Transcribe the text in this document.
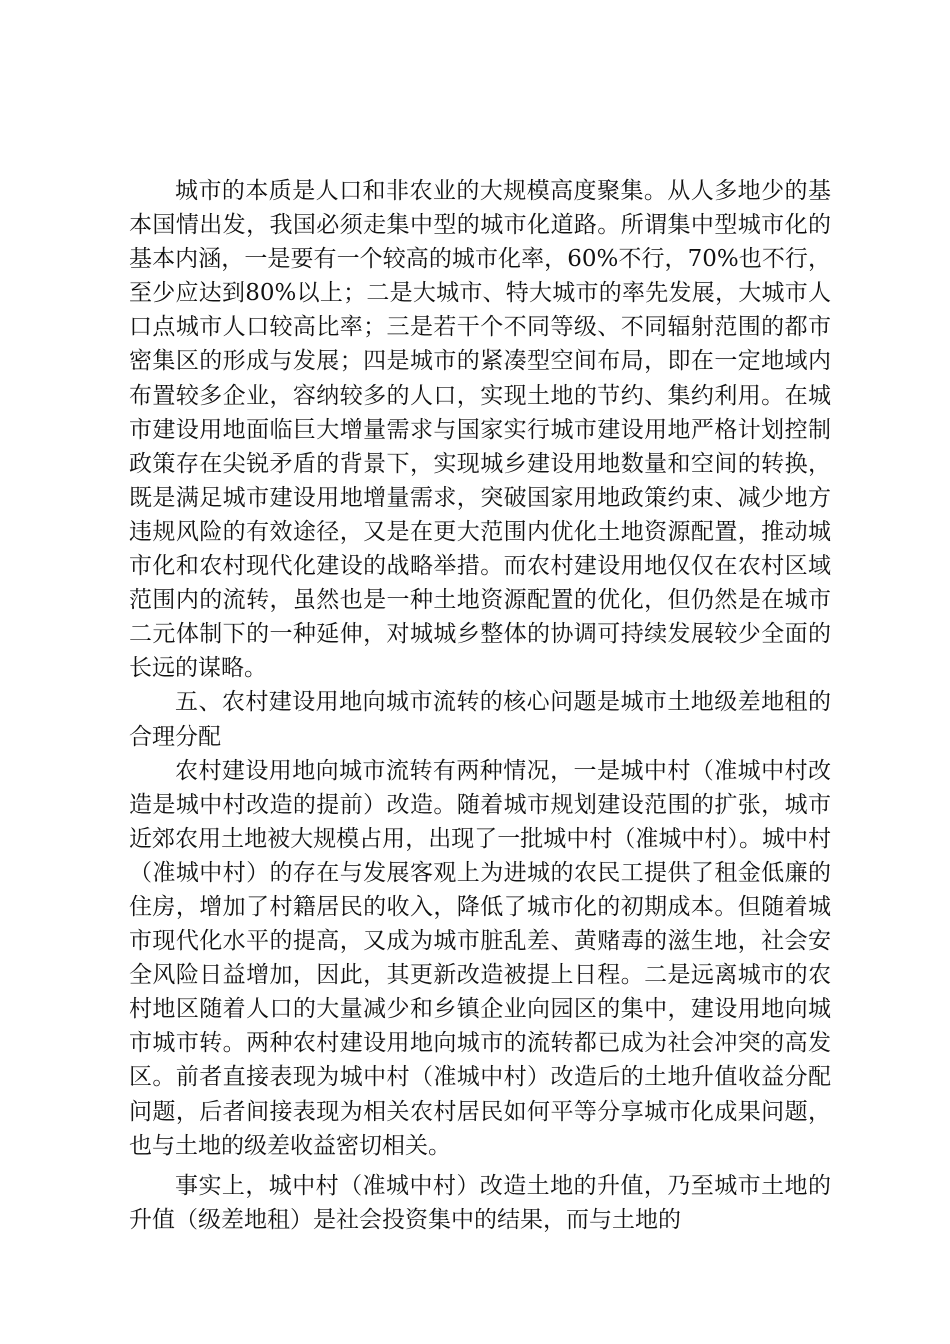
城市的本质是人口和非农业的大规模高度聚集。从人多地少的基本国情出发，我国必须走集中型的城市化道路。所谓集中型城市化的基本内涵，一是要有一个较高的城市化率，60%不行，70%也不行，至少应达到80%以上；二是大城市、特大城市的率先发展，大城市人口点城市人口较高比率；三是若干个不同等级、不同辐射范围的都市密集区的形成与发展；四是城市的紧凑型空间布局，即在一定地域内布置较多企业，容纳较多的人口，实现土地的节约、集约利用。在城市建设用地面临巨大增量需求与国家实行城市建设用地严格计划控制政策存在尖锐矛盾的背景下，实现城乡建设用地数量和空间的转换，既是满足城市建设用地增量需求，突破国家用地政策约束、减少地方违规风险的有效途径，又是在更大范围内优化土地资源配置，推动城市化和农村现代化建设的战略举措。而农村建设用地仅仅在农村区域范围内的流转，虽然也是一种土地资源配置的优化，但仍然是在城市二元体制下的一种延伸，对城城乡整体的协调可持续发展较少全面的长远的谋略。

五、农村建设用地向城市流转的核心问题是城市土地级差地租的合理分配

农村建设用地向城市流转有两种情况，一是城中村（准城中村改造是城中村改造的提前）改造。随着城市规划建设范围的扩张，城市近郊农用土地被大规模占用，出现了一批城中村（准城中村）。城中村（准城中村）的存在与发展客观上为进城的农民工提供了租金低廉的住房，增加了村籍居民的收入，降低了城市化的初期成本。但随着城市现代化水平的提高，又成为城市脏乱差、黄赌毒的滋生地，社会安全风险日益增加，因此，其更新改造被提上日程。二是远离城市的农村地区随着人口的大量减少和乡镇企业向园区的集中，建设用地向城市城市转。两种农村建设用地向城市的流转都已成为社会冲突的高发区。前者直接表现为城中村（准城中村）改造后的土地升值收益分配问题，后者间接表现为相关农村居民如何平等分享城市化成果问题，也与土地的级差收益密切相关。

事实上，城中村（准城中村）改造土地的升值，乃至城市土地的升值（级差地租）是社会投资集中的结果，而与土地的
